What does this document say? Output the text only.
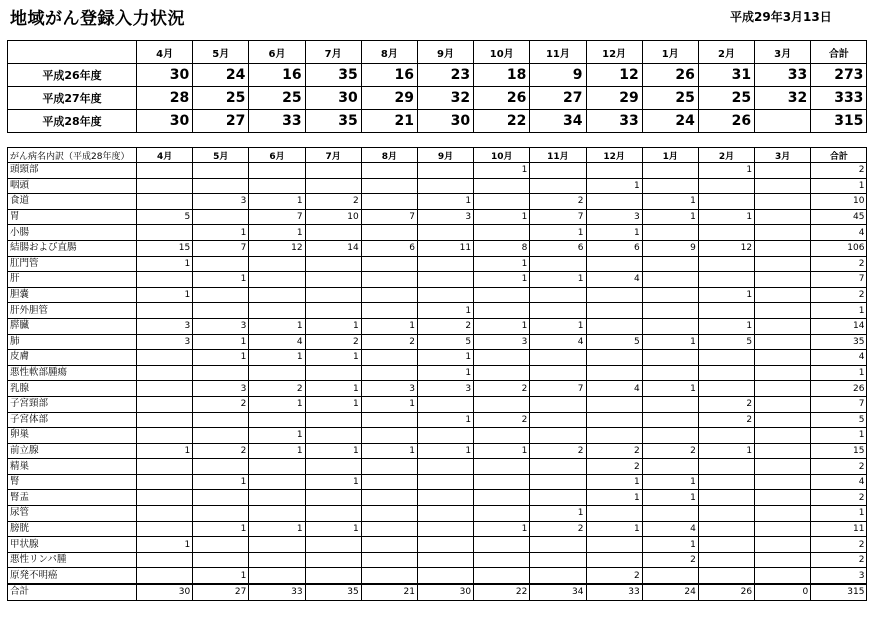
地域がん登録入力状況	平成29年3月13日
	4月	5月	6月	7月	8月	9月	10月	11月	12月	1月	2月	3月	合計
平成26年度	30	24	16	35	16	23	18	9	12	26	31	33	273
平成27年度	28	25	25	30	29	32	26	27	29	25	25	32	333
平成28年度	30	27	33	35	21	30	22	34	33	24	26		315
がん病名内訳（平成28年度）	4月	5月	6月	7月	8月	9月	10月	11月	12月	1月	2月	3月	合計
頭頸部							1				1		2
咽頭									1				1
食道		3	1	2		1		2		1			10
胃	5		7	10	7	3	1	7	3	1	1		45
小腸		1	1					1	1				4
結腸および直腸	15	7	12	14	6	11	8	6	6	9	12		106
肛門管	1						1						2
肝		1					1	1	4				7
胆嚢	1										1		2
肝外胆管						1							1
膵臓	3	3	1	1	1	2	1	1			1		14
肺	3	1	4	2	2	5	3	4	5	1	5		35
皮膚		1	1	1		1							4
悪性軟部腫瘍						1							1
乳腺		3	2	1	3	3	2	7	4	1			26
子宮頸部		2	1	1	1						2		7
子宮体部						1	2				2		5
卵巣			1										1
前立腺	1	2	1	1	1	1	1	2	2	2	1		15
精巣									2				2
腎		1		1					1	1			4
腎盂									1	1			2
尿管								1					1
膀胱		1	1	1			1	2	1	4			11
甲状腺	1									1			2
悪性リンパ腫										2			2
原発不明癌		1							2				3
合計	30	27	33	35	21	30	22	34	33	24	26	0	315
